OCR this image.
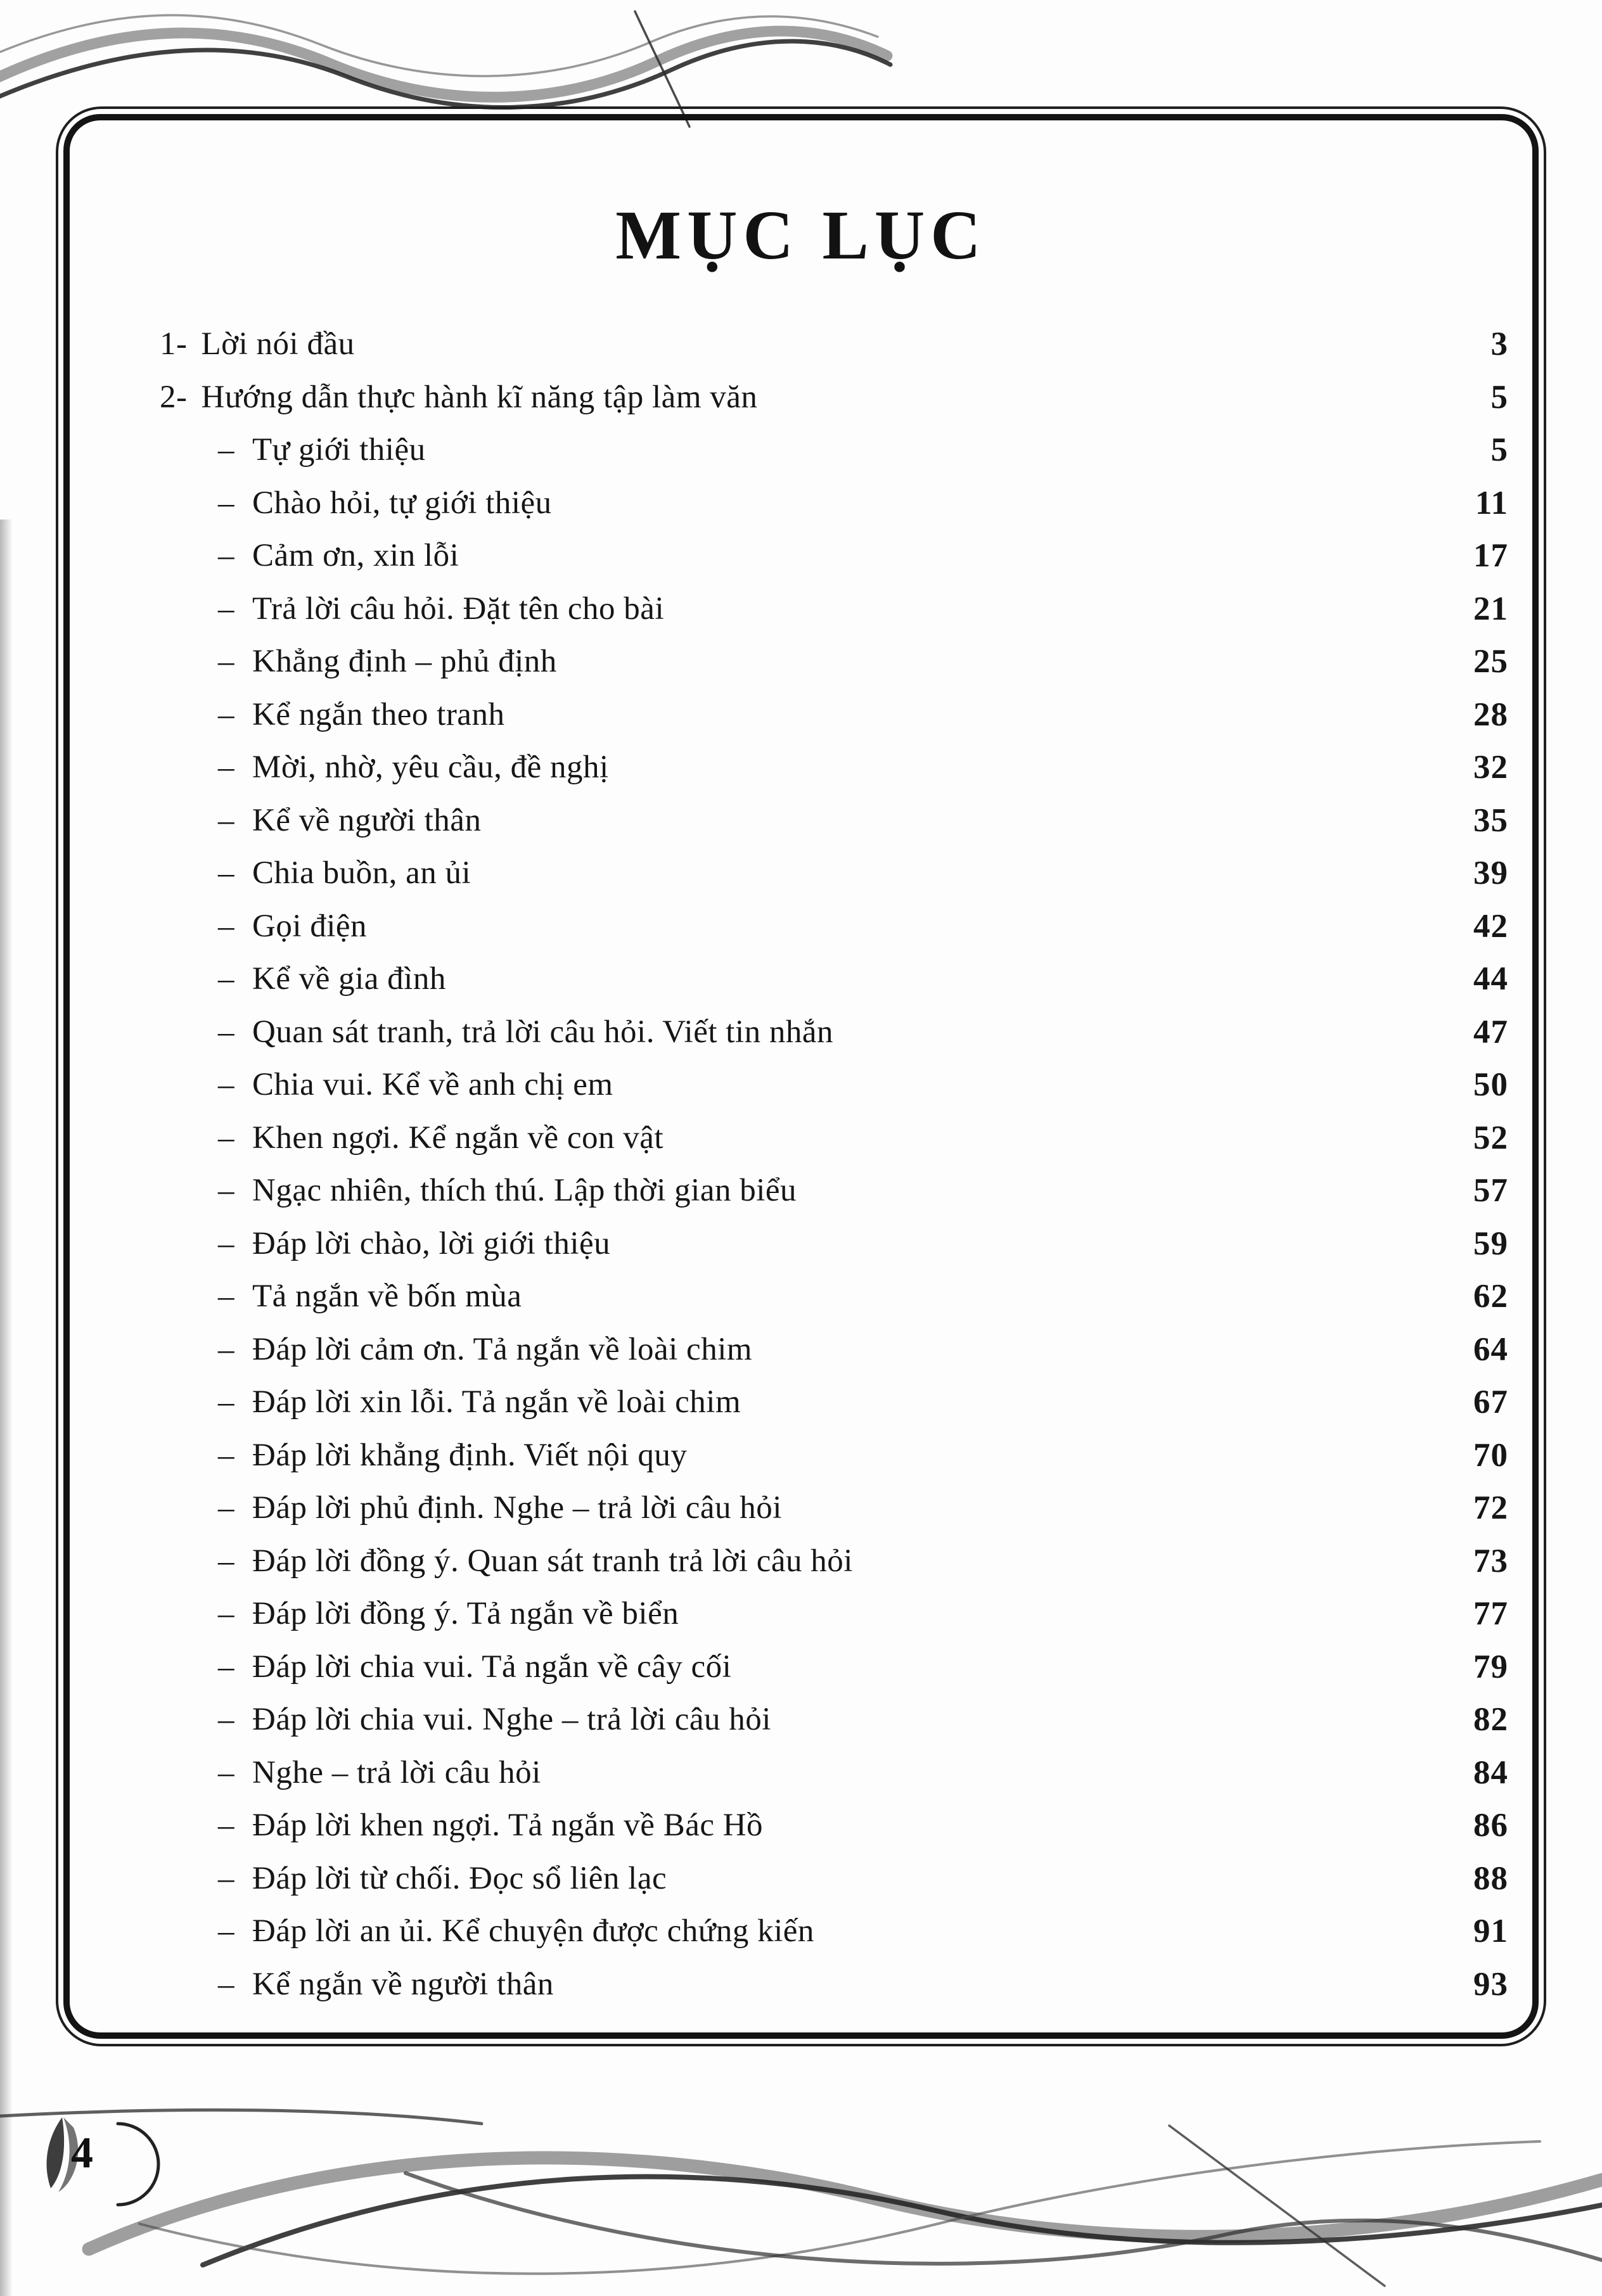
MỤC LỤC
1- Lời nói đầu	3
2- Hướng dẫn thực hành kĩ năng tập làm văn	5
– Tự giới thiệu	5
– Chào hỏi, tự giới thiệu	11
– Cảm ơn, xin lỗi	17
– Trả lời câu hỏi. Đặt tên cho bài	21
– Khẳng định – phủ định	25
– Kể ngắn theo tranh	28
– Mời, nhờ, yêu cầu, đề nghị	32
– Kể về người thân	35
– Chia buồn, an ủi	39
– Gọi điện	42
– Kể về gia đình	44
– Quan sát tranh, trả lời câu hỏi. Viết tin nhắn	47
– Chia vui. Kể về anh chị em	50
– Khen ngợi. Kể ngắn về con vật	52
– Ngạc nhiên, thích thú. Lập thời gian biểu	57
– Đáp lời chào, lời giới thiệu	59
– Tả ngắn về bốn mùa	62
– Đáp lời cảm ơn. Tả ngắn về loài chim	64
– Đáp lời xin lỗi. Tả ngắn về loài chim	67
– Đáp lời khẳng định. Viết nội quy	70
– Đáp lời phủ định. Nghe – trả lời câu hỏi	72
– Đáp lời đồng ý. Quan sát tranh trả lời câu hỏi	73
– Đáp lời đồng ý. Tả ngắn về biển	77
– Đáp lời chia vui. Tả ngắn về cây cối	79
– Đáp lời chia vui. Nghe – trả lời câu hỏi	82
– Nghe – trả lời câu hỏi	84
– Đáp lời khen ngợi. Tả ngắn về Bác Hồ	86
– Đáp lời từ chối. Đọc sổ liên lạc	88
– Đáp lời an ủi. Kể chuyện được chứng kiến	91
– Kể ngắn về người thân	93
4
